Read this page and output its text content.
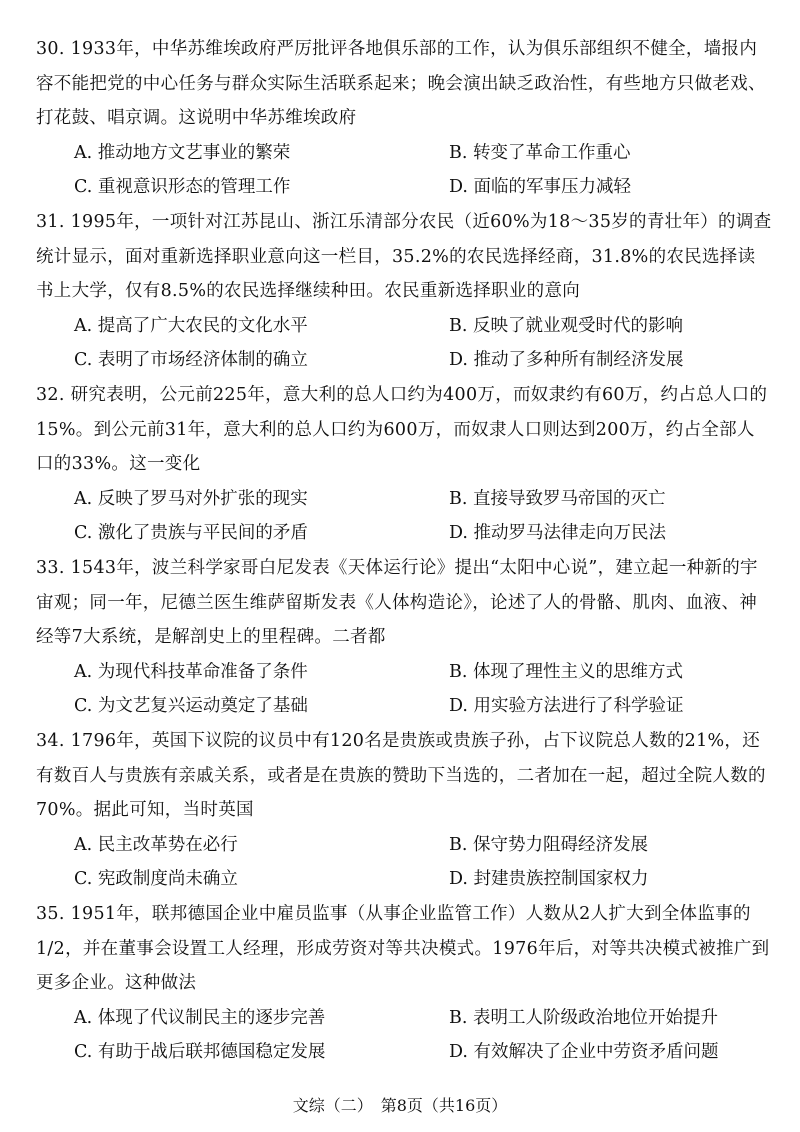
30. 1933年，中华苏维埃政府严厉批评各地俱乐部的工作，认为俱乐部组织不健全，墙报内容不能把党的中心任务与群众实际生活联系起来；晚会演出缺乏政治性，有些地方只做老戏、打花鼓、唱京调。这说明中华苏维埃政府

A. 推动地方文艺事业的繁荣	B. 转变了革命工作重心
C. 重视意识形态的管理工作	D. 面临的军事压力减轻

31. 1995年，一项针对江苏昆山、浙江乐清部分农民（近60%为18～35岁的青壮年）的调查统计显示，面对重新选择职业意向这一栏目，35.2%的农民选择经商，31.8%的农民选择读书上大学，仅有8.5%的农民选择继续种田。农民重新选择职业的意向

A. 提高了广大农民的文化水平	B. 反映了就业观受时代的影响
C. 表明了市场经济体制的确立	D. 推动了多种所有制经济发展

32. 研究表明，公元前225年，意大利的总人口约为400万，而奴隶约有60万，约占总人口的15%。到公元前31年，意大利的总人口约为600万，而奴隶人口则达到200万，约占全部人口的33%。这一变化

A. 反映了罗马对外扩张的现实	B. 直接导致罗马帝国的灭亡
C. 激化了贵族与平民间的矛盾	D. 推动罗马法律走向万民法

33. 1543年，波兰科学家哥白尼发表《天体运行论》提出“太阳中心说”，建立起一种新的宇宙观；同一年，尼德兰医生维萨留斯发表《人体构造论》，论述了人的骨骼、肌肉、血液、神经等7大系统，是解剖史上的里程碑。二者都

A. 为现代科技革命准备了条件	B. 体现了理性主义的思维方式
C. 为文艺复兴运动奠定了基础	D. 用实验方法进行了科学验证

34. 1796年，英国下议院的议员中有120名是贵族或贵族子孙，占下议院总人数的21%，还有数百人与贵族有亲戚关系，或者是在贵族的赞助下当选的，二者加在一起，超过全院人数的70%。据此可知，当时英国

A. 民主改革势在必行	B. 保守势力阻碍经济发展
C. 宪政制度尚未确立	D. 封建贵族控制国家权力

35. 1951年，联邦德国企业中雇员监事（从事企业监管工作）人数从2人扩大到全体监事的1/2，并在董事会设置工人经理，形成劳资对等共决模式。1976年后，对等共决模式被推广到更多企业。这种做法

A. 体现了代议制民主的逐步完善	B. 表明工人阶级政治地位开始提升
C. 有助于战后联邦德国稳定发展	D. 有效解决了企业中劳资矛盾问题
文综（二）　第8页（共16页）
